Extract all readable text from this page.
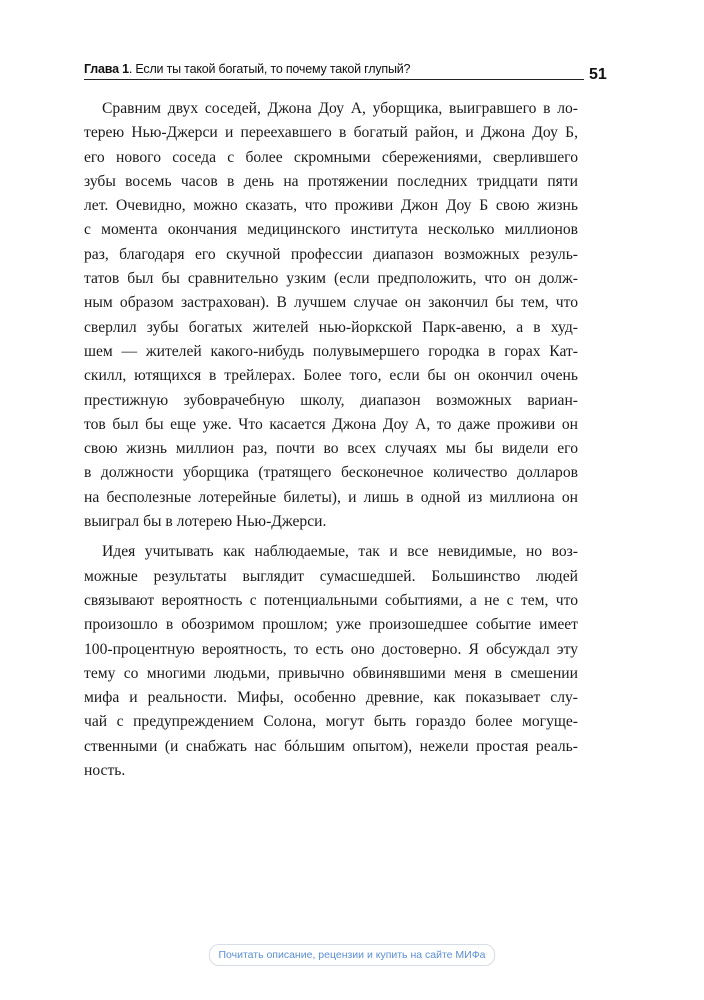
Глава 1. Если ты такой богатый, то почему такой глупый?	51
Сравним двух соседей, Джона Доу А, уборщика, выигравшего в ло-
терею Нью-Джерси и переехавшего в богатый район, и Джона Доу Б,
его нового соседа с более скромными сбережениями, сверлившего
зубы восемь часов в день на протяжении последних тридцати пяти
лет. Очевидно, можно сказать, что проживи Джон Доу Б свою жизнь
с момента окончания медицинского института несколько миллионов
раз, благодаря его скучной профессии диапазон возможных резуль-
татов был бы сравнительно узким (если предположить, что он долж-
ным образом застрахован). В лучшем случае он закончил бы тем, что
сверлил зубы богатых жителей нью-йоркской Парк-авеню, а в худ-
шем — жителей какого-нибудь полувымершего городка в горах Кат-
скилл, ютящихся в трейлерах. Более того, если бы он окончил очень
престижную зубоврачебную школу, диапазон возможных вариан-
тов был бы еще уже. Что касается Джона Доу А, то даже проживи он
свою жизнь миллион раз, почти во всех случаях мы бы видели его
в должности уборщика (тратящего бесконечное количество долларов
на бесполезные лотерейные билеты), и лишь в одной из миллиона он
выиграл бы в лотерею Нью-Джерси.
Идея учитывать как наблюдаемые, так и все невидимые, но воз-
можные результаты выглядит сумасшедшей. Большинство людей
связывают вероятность с потенциальными событиями, а не с тем, что
произошло в обозримом прошлом; уже произошедшее событие имеет
100-процентную вероятность, то есть оно достоверно. Я обсуждал эту
тему со многими людьми, привычно обвинявшими меня в смешении
мифа и реальности. Мифы, особенно древние, как показывает слу-
чай с предупреждением Солона, могут быть гораздо более могуще-
ственными (и снабжать нас бóльшим опытом), нежели простая реаль-
ность.
Почитать описание, рецензии и купить на сайте МИФа
